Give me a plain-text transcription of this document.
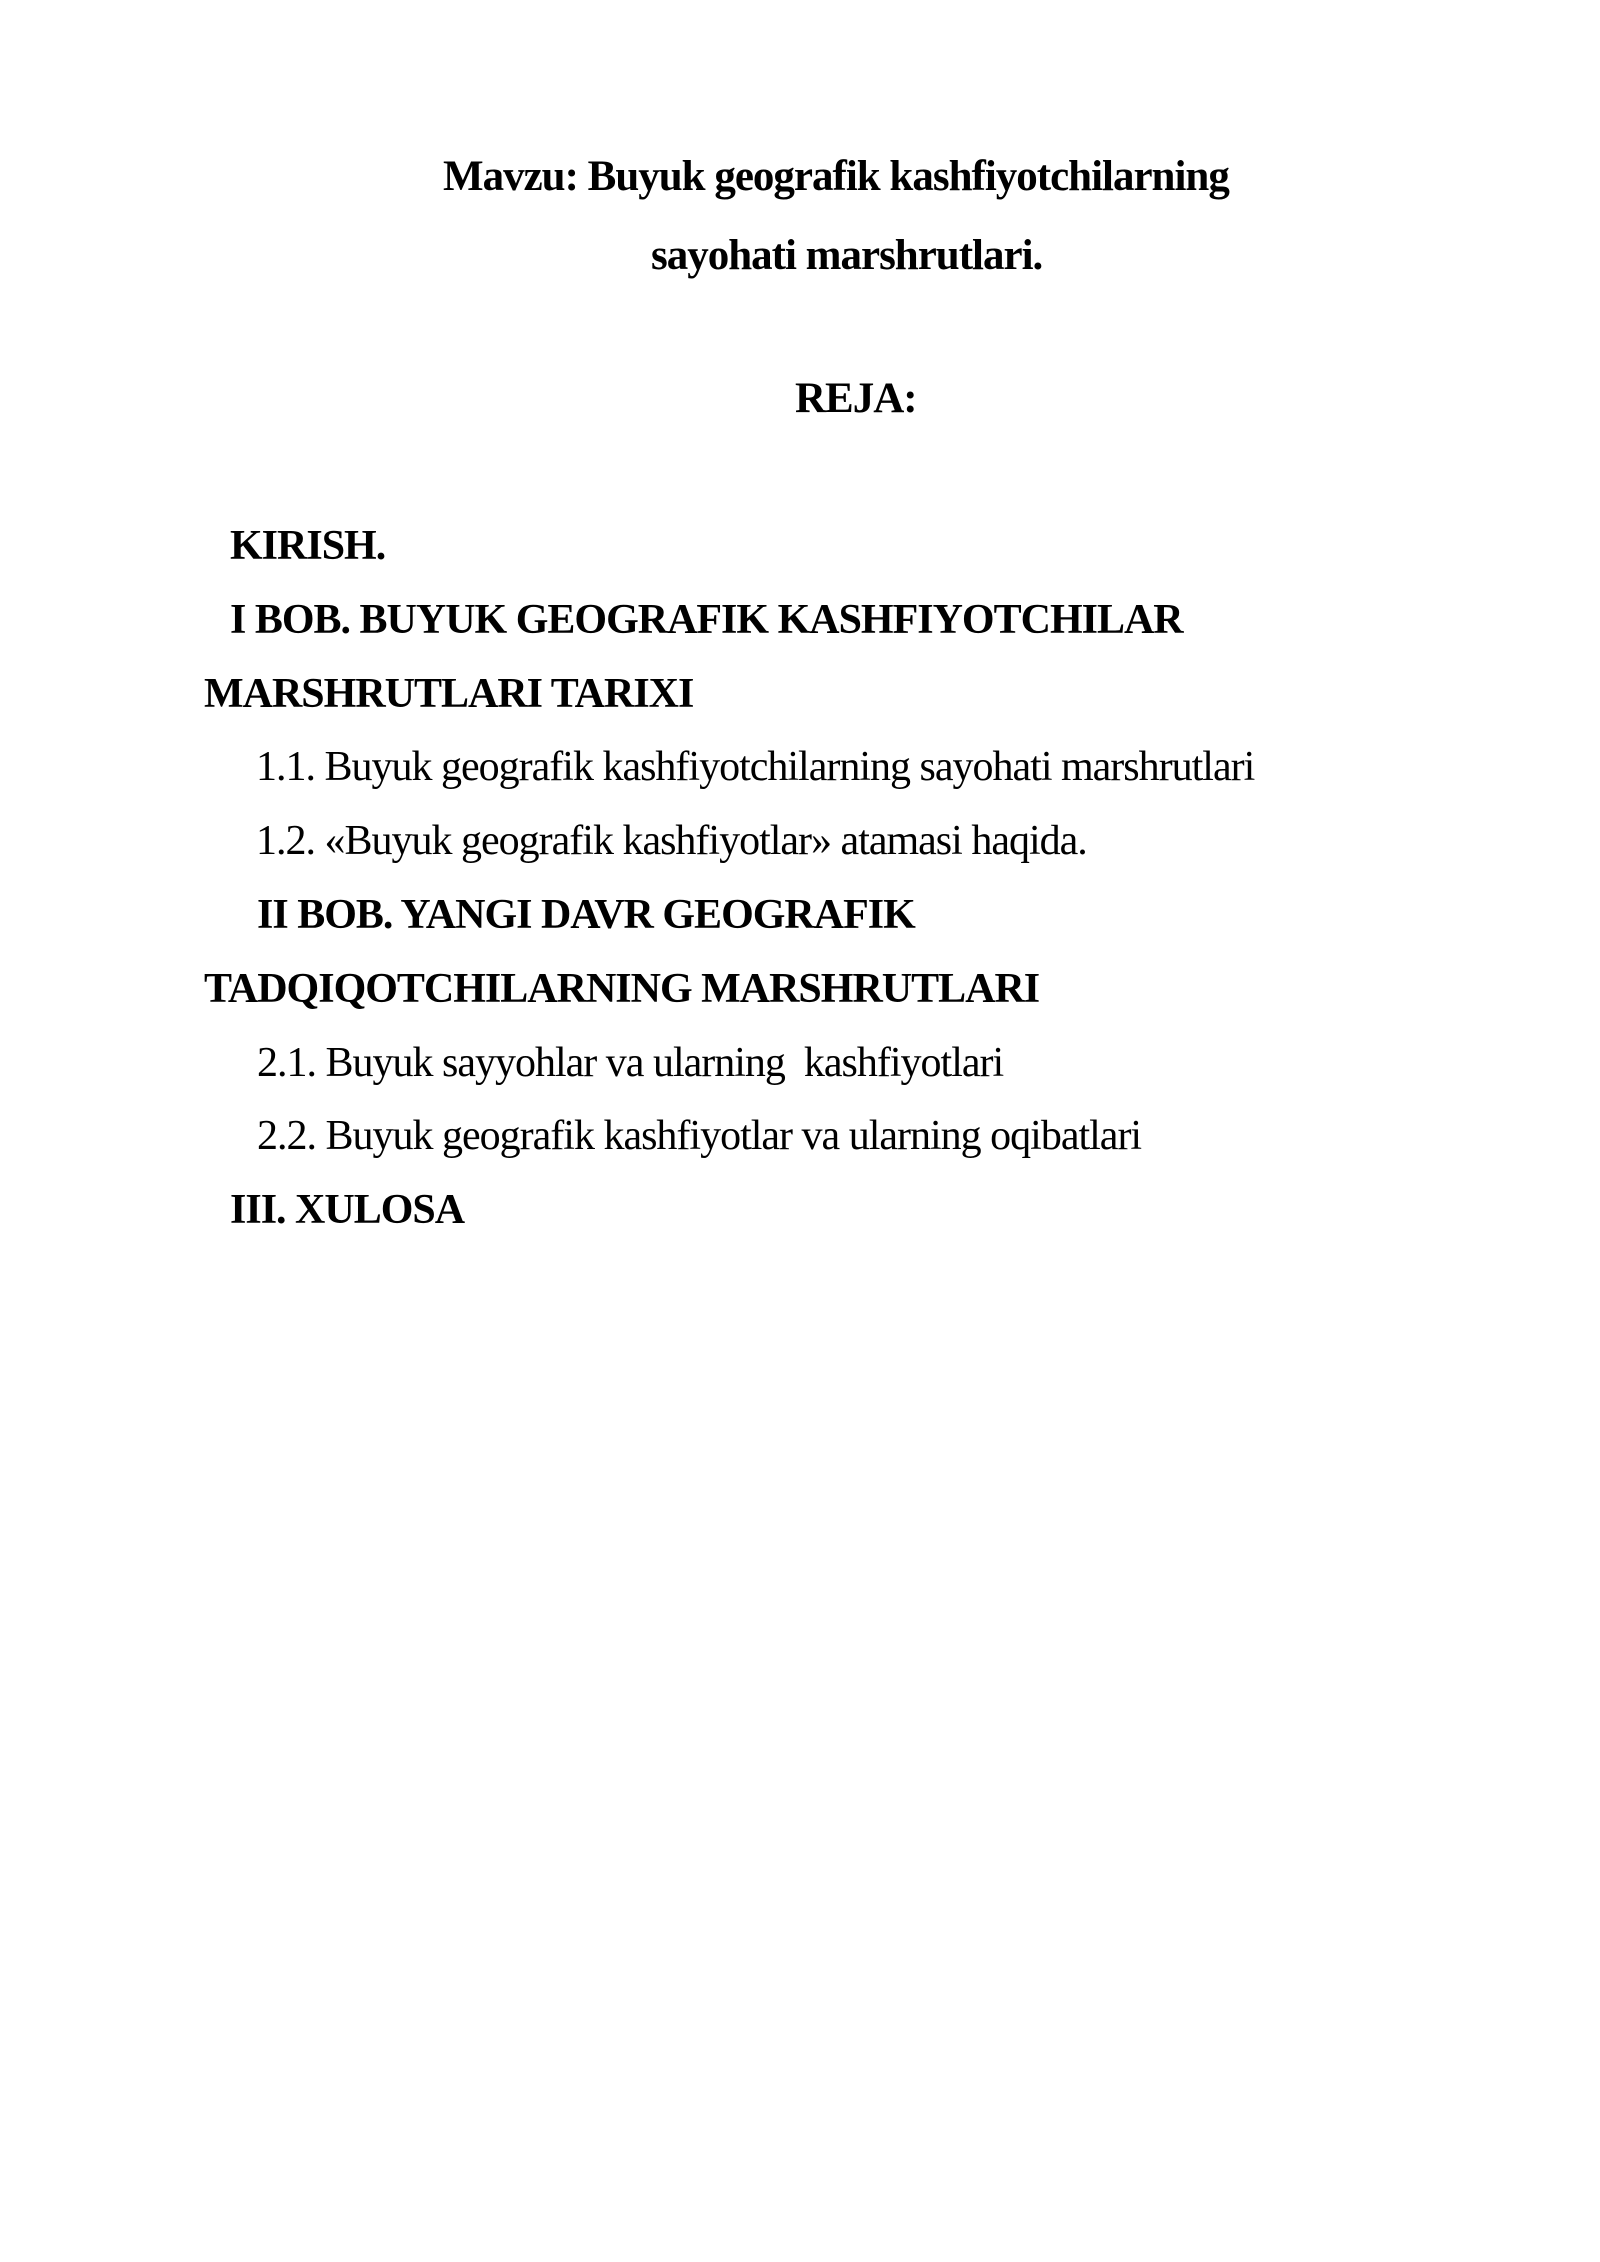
Mavzu: Buyuk geografik kashfiyotchilarning
sayohati marshrutlari.
REJA:
KIRISH.
I BOB. BUYUK GEOGRAFIK KASHFIYOTCHILAR
MARSHRUTLARI TARIXI
1.1. Buyuk geografik kashfiyotchilarning sayohati marshrutlari
1.2. «Buyuk geografik kashfiyotlar» atamasi haqida.
II BOB. YANGI DAVR GEOGRAFIK
TADQIQOTCHILARNING MARSHRUTLARI
2.1. Buyuk sayyohlar va ularning  kashfiyotlari
2.2. Buyuk geografik kashfiyotlar va ularning oqibatlari
III. XULOSA
